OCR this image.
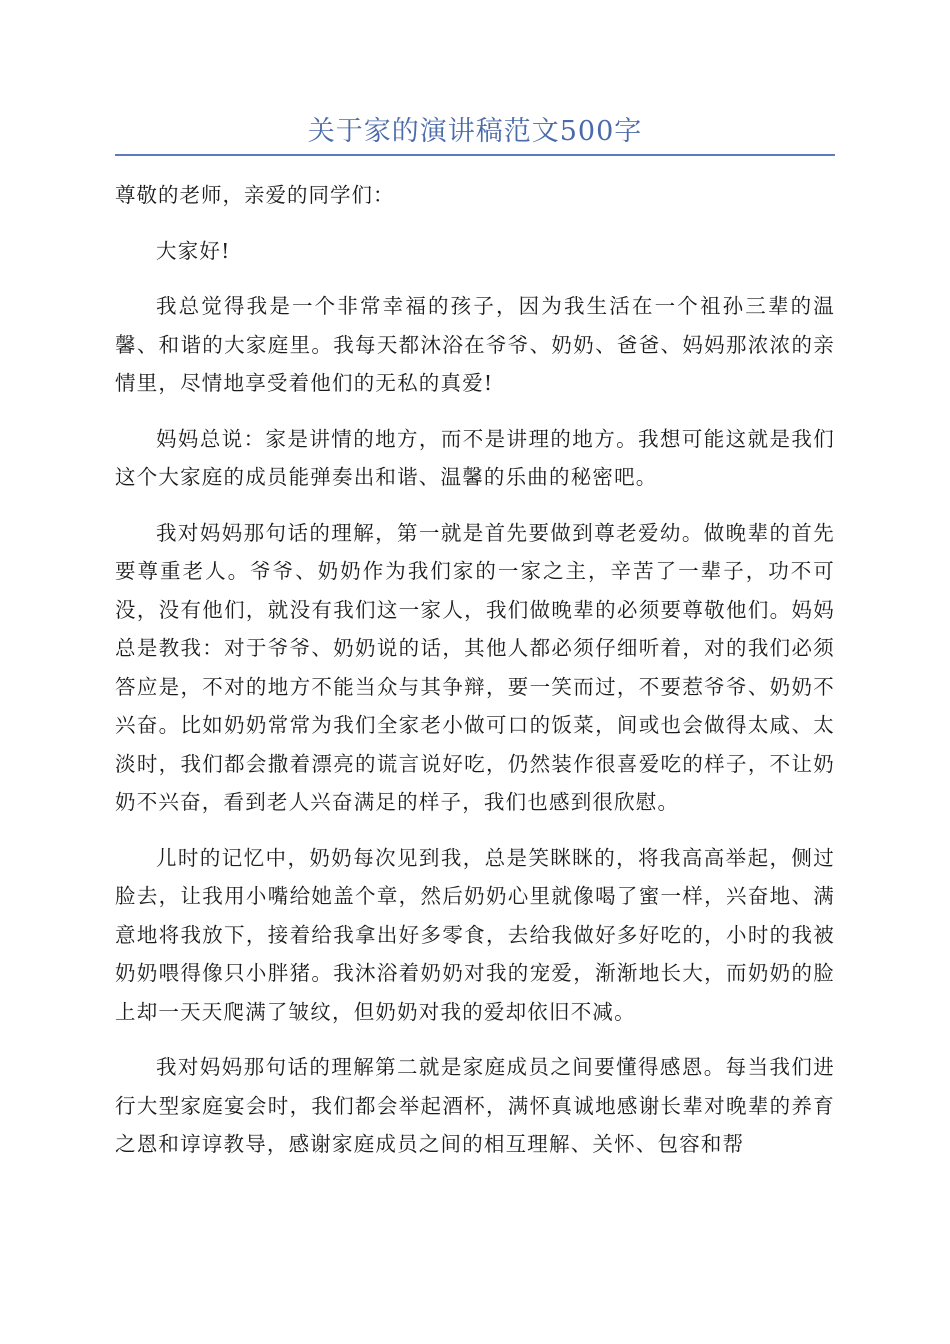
关于家的演讲稿范文500字

尊敬的老师，亲爱的同学们：

大家好!

我总觉得我是一个非常幸福的孩子，因为我生活在一个祖孙三辈的温馨、和谐的大家庭里。我每天都沐浴在爷爷、奶奶、爸爸、妈妈那浓浓的亲情里，尽情地享受着他们的无私的真爱!

妈妈总说：家是讲情的地方，而不是讲理的地方。我想可能这就是我们这个大家庭的成员能弹奏出和谐、温馨的乐曲的秘密吧。

我对妈妈那句话的理解，第一就是首先要做到尊老爱幼。做晚辈的首先要尊重老人。爷爷、奶奶作为我们家的一家之主，辛苦了一辈子，功不可没，没有他们，就没有我们这一家人，我们做晚辈的必须要尊敬他们。妈妈总是教我：对于爷爷、奶奶说的话，其他人都必须仔细听着，对的我们必须答应是，不对的地方不能当众与其争辩，要一笑而过，不要惹爷爷、奶奶不兴奋。比如奶奶常常为我们全家老小做可口的饭菜，间或也会做得太咸、太淡时，我们都会撒着漂亮的谎言说好吃，仍然装作很喜爱吃的样子，不让奶奶不兴奋，看到老人兴奋满足的样子，我们也感到很欣慰。

儿时的记忆中，奶奶每次见到我，总是笑眯眯的，将我高高举起，侧过脸去，让我用小嘴给她盖个章，然后奶奶心里就像喝了蜜一样，兴奋地、满意地将我放下，接着给我拿出好多零食，去给我做好多好吃的，小时的我被奶奶喂得像只小胖猪。我沐浴着奶奶对我的宠爱，渐渐地长大，而奶奶的脸上却一天天爬满了皱纹，但奶奶对我的爱却依旧不减。

我对妈妈那句话的理解第二就是家庭成员之间要懂得感恩。每当我们进行大型家庭宴会时，我们都会举起酒杯，满怀真诚地感谢长辈对晚辈的养育之恩和谆谆教导，感谢家庭成员之间的相互理解、关怀、包容和帮
